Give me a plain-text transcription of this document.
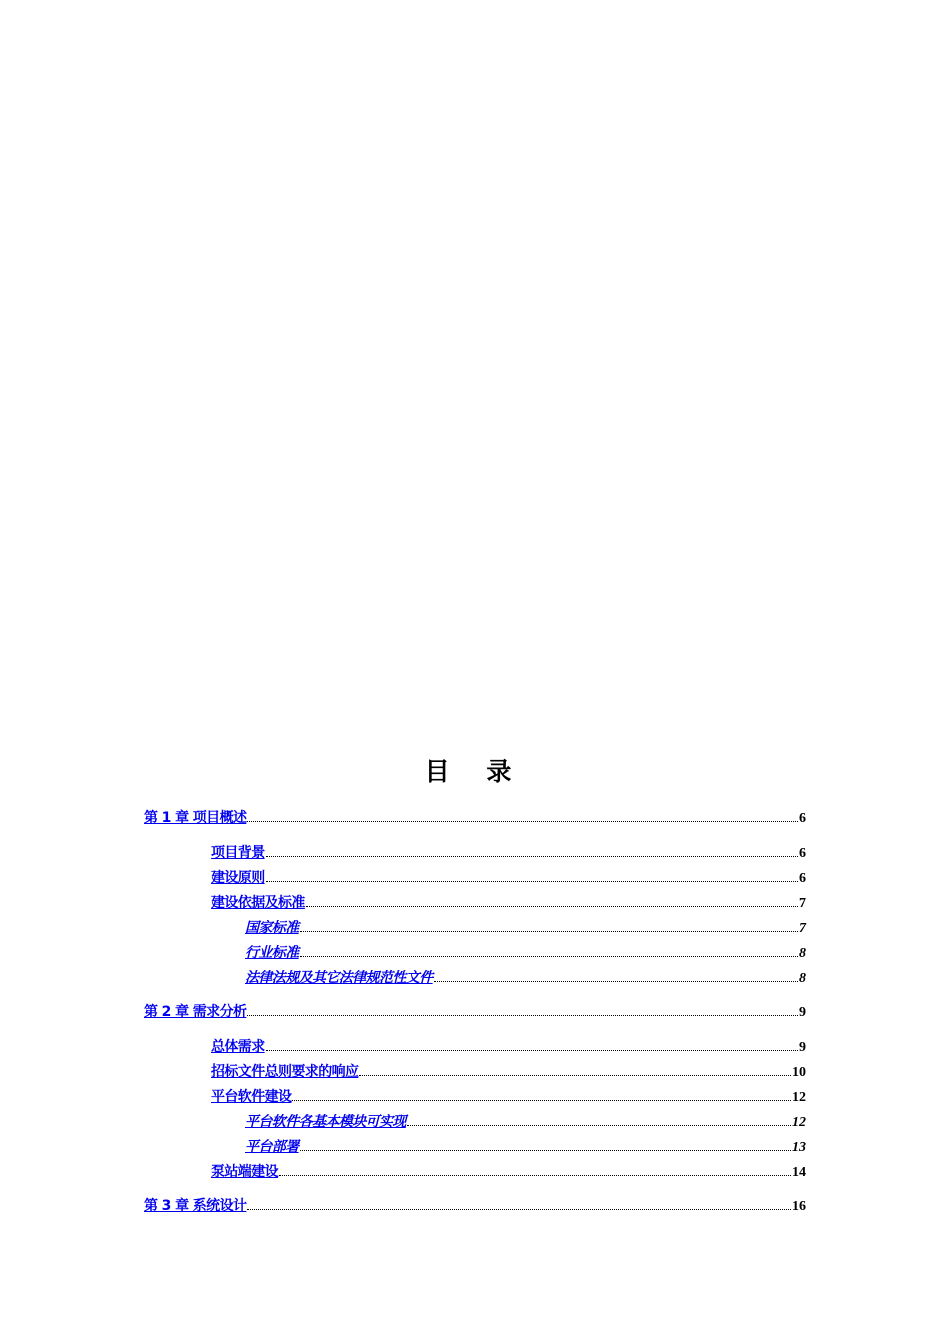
目 录
第 1 章 项目概述	6
项目背景	6
建设原则	6
建设依据及标准	7
国家标准	7
行业标准	8
法律法规及其它法律规范性文件	8
第 2 章 需求分析	9
总体需求	9
招标文件总则要求的响应	10
平台软件建设	12
平台软件各基本模块可实现	12
平台部署	13
泵站端建设	14
第 3 章 系统设计	16
